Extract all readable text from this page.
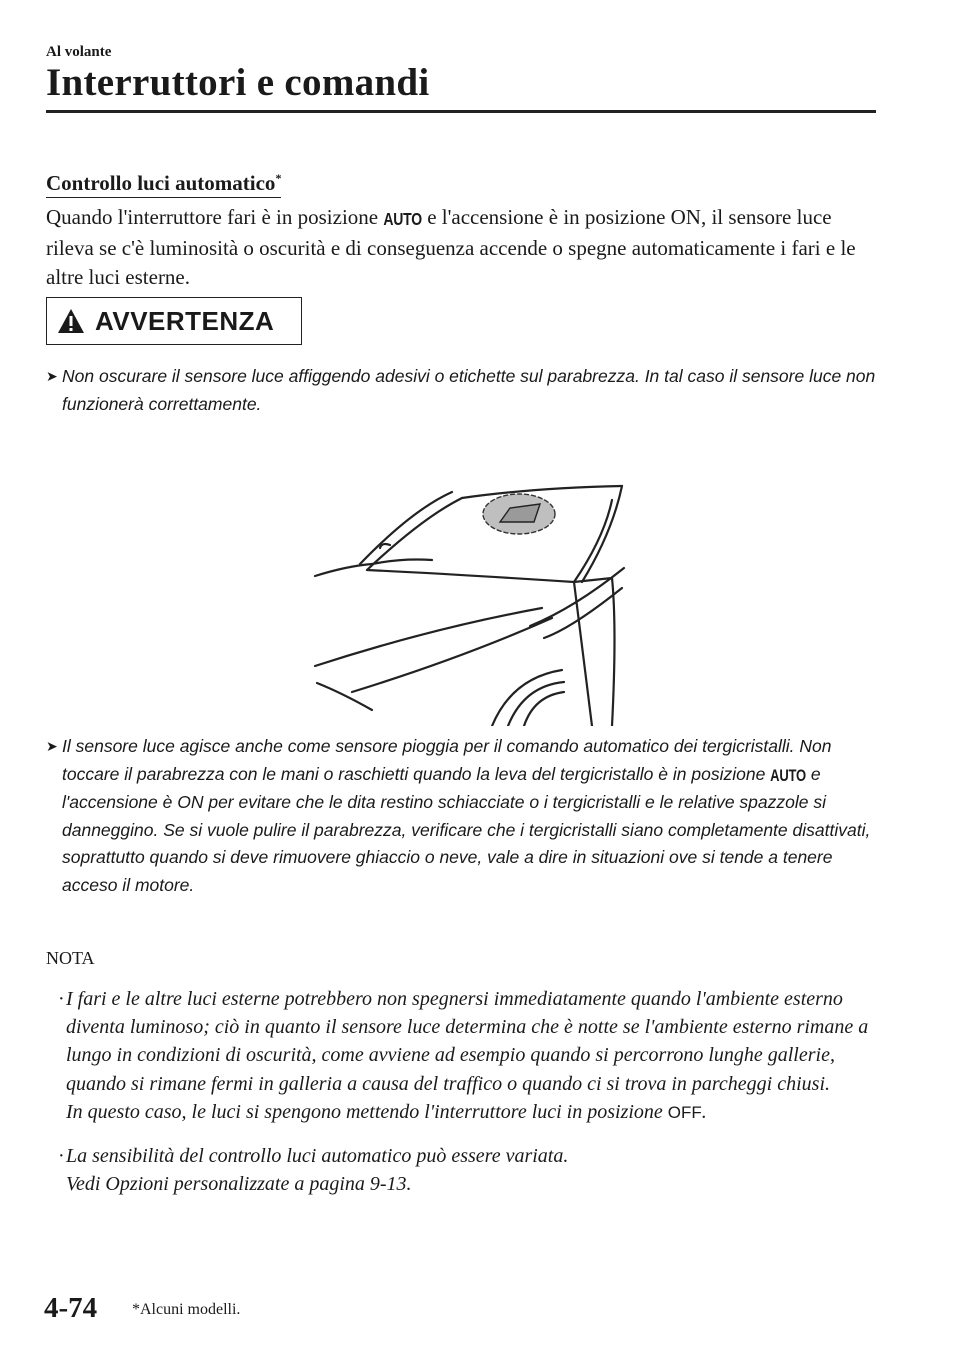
Al volante
Interruttori e comandi
Controllo luci automatico*
Quando l'interruttore fari è in posizione AUTO e l'accensione è in posizione ON, il sensore luce rileva se c'è luminosità o oscurità e di conseguenza accende o spegne automaticamente i fari e le altre luci esterne.
AVVERTENZA
➤ Non oscurare il sensore luce affiggendo adesivi o etichette sul parabrezza. In tal caso il sensore luce non funzionerà correttamente.
➤ Il sensore luce agisce anche come sensore pioggia per il comando automatico dei tergicristalli. Non toccare il parabrezza con le mani o raschietti quando la leva del tergicristallo è in posizione AUTO e l'accensione è ON per evitare che le dita restino schiacciate o i tergicristalli e le relative spazzole si danneggino. Se si vuole pulire il parabrezza, verificare che i tergicristalli siano completamente disattivati, soprattutto quando si deve rimuovere ghiaccio o neve, vale a dire in situazioni ove si tende a tenere acceso il motore.
NOTA
· I fari e le altre luci esterne potrebbero non spegnersi immediatamente quando l'ambiente esterno diventa luminoso; ciò in quanto il sensore luce determina che è notte se l'ambiente esterno rimane a lungo in condizioni di oscurità, come avviene ad esempio quando si percorrono lunghe gallerie, quando si rimane fermi in galleria a causa del traffico o quando ci si trova in parcheggi chiusi.
In questo caso, le luci si spengono mettendo l'interruttore luci in posizione OFF.
· La sensibilità del controllo luci automatico può essere variata.
Vedi Opzioni personalizzate a pagina 9-13.
4-74 *Alcuni modelli.
